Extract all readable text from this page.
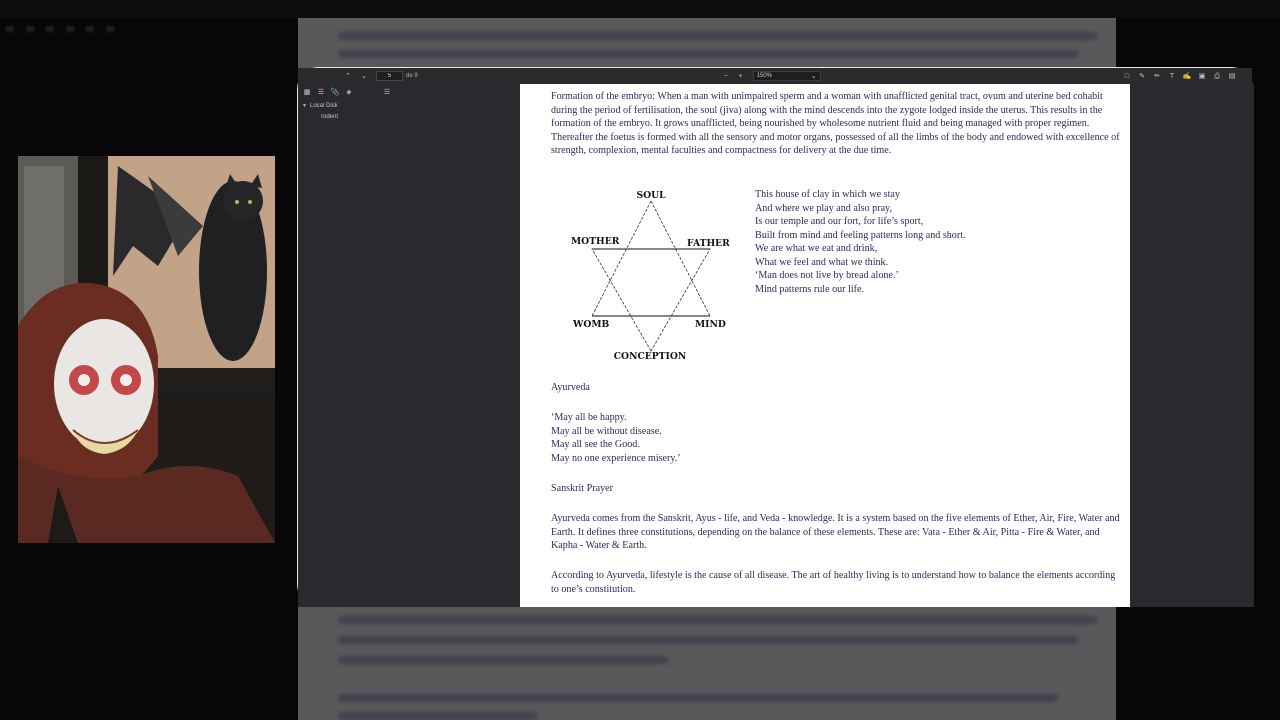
⌃	⌄
5	de 9	−	+	150%	⌄	□	✎	✏	T	✍	▣	⎙	▤
▦	☰ 📎 ◈	☰
▼ Local Disk
rodent
Formation of the embryo: When a man with unimpaired sperm and a woman with unafflicted genital tract, ovum and uterine bed cohabit during the period of fertilisation, the soul (jiva) along with the mind descends into the zygote lodged inside the uterus. This results in the formation of the embryo. It grows unafflicted, being nourished by wholesome nutrient fluid and being managed with proper regimen. Thereafter the foetus is formed with all the sensory and motor organs, possessed of all the limbs of the body and endowed with excellence of strength, complexion, mental faculties and compactness for delivery at the due time.
SOUL
MOTHER	FATHER
WOMB	MIND
CONCEPTION
This house of clay in which we stay
And where we play and also pray,
Is our temple and our fort, for life’s sport,
Built from mind and feeling patterns long and short.
We are what we eat and drink,
What we feel and what we think.
‘Man does not live by bread alone.’
Mind patterns rule our life.
Ayurveda
‘May all be happy.
May all be without disease.
May all see the Good.
May no one experience misery.’
Sanskrit Prayer
Ayurveda comes from the Sanskrit, Ayus - life, and Veda - knowledge. It is a system based on the five elements of Ether, Air, Fire, Water and Earth. It defines three constitutions, depending on the balance of these elements. These are: Vata - Ether & Air, Pitta - Fire & Water, and Kapha - Water & Earth.
According to Ayurveda, lifestyle is the cause of all disease. The art of healthy living is to understand how to balance the elements according to one’s constitution.
